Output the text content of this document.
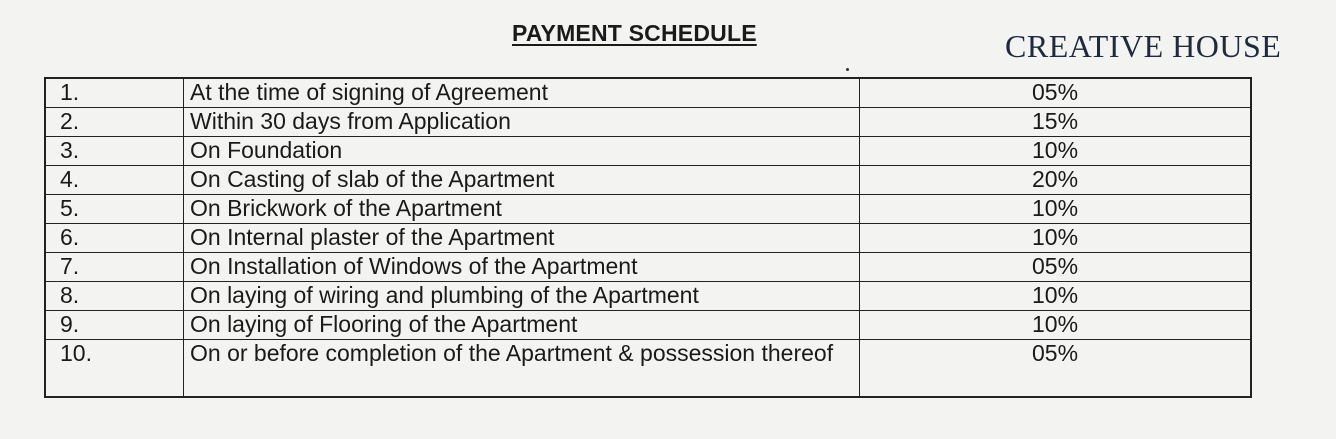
PAYMENT SCHEDULE	CREATIVE HOUSE
1.	At the time of signing of Agreement	05%
2.	Within 30 days from Application	15%
3.	On Foundation	10%
4.	On Casting of slab of the Apartment	20%
5.	On Brickwork of the Apartment	10%
6.	On Internal plaster of the Apartment	10%
7.	On Installation of Windows of the Apartment	05%
8.	On laying of wiring and plumbing of the Apartment	10%
9.	On laying of Flooring of the Apartment	10%
10.	On or before completion of the Apartment & possession thereof	05%
